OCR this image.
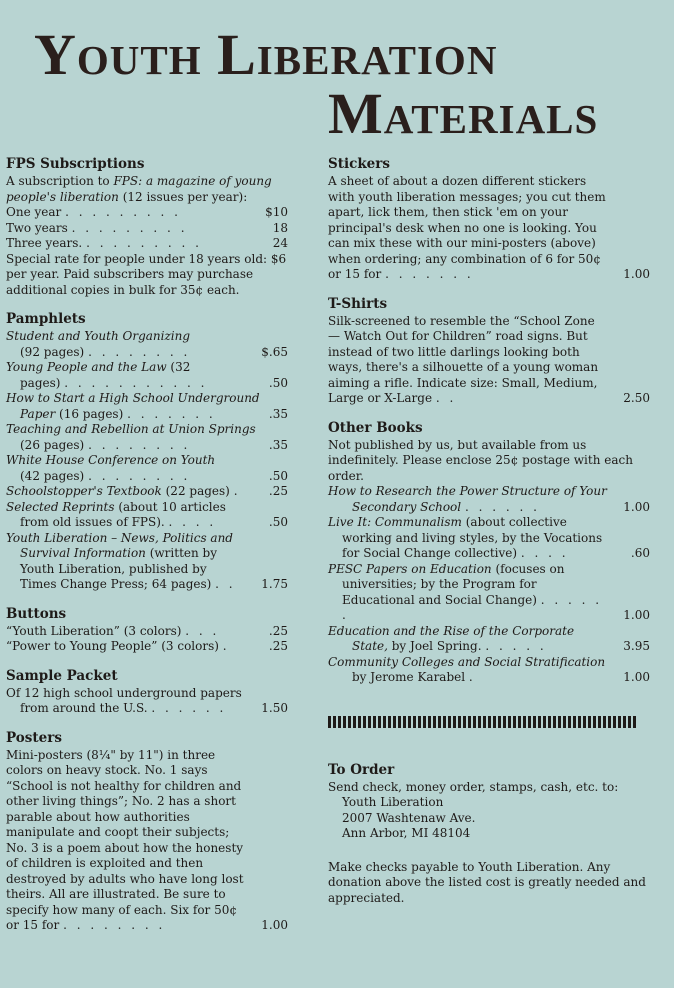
Youth Liberation
Materials
FPS Subscriptions

A subscription to FPS: a magazine of young people's liberation (12 issues per year):

One year . . . . . . . . .	$10
Two years . . . . . . . . .	18
Three years. . . . . . . . . .	24

Special rate for people under 18 years old: $6 per year. Paid subscribers may purchase additional copies in bulk for 35¢ each.

Pamphlets
Student and Youth Organizing
(92 pages) . . . . . . . .	$.65
Young People and the Law (32
pages) . . . . . . . . . . .	.50
How to Start a High School Underground
Paper (16 pages) . . . . . . .	.35
Teaching and Rebellion at Union Springs
(26 pages) . . . . . . . .	.35
White House Conference on Youth
(42 pages) . . . . . . . .	.50
Schoolstopper's Textbook (22 pages) .	.25
Selected Reprints (about 10 articles from old issues of FPS). . . . .	.50
Youth Liberation – News, Politics and Survival Information (written by Youth Liberation, published by Times Change Press; 64 pages) . .	1.75
Buttons
“Youth Liberation” (3 colors) . . .	.25
“Power to Young People” (3 colors) .	.25
Sample Packet
Of 12 high school underground papers
from around the U.S. . . . . . .	1.50
Posters
Mini-posters (8¼" by 11") in three colors on heavy stock. No. 1 says “School is not healthy for children and other living things”; No. 2 has a short parable about how authorities manipulate and coopt their subjects; No. 3 is a poem about how the honesty of children is exploited and then destroyed by adults who have long lost theirs. All are illustrated. Be sure to specify how many of each. Six for 50¢ or 15 for . . . . . . . .	1.00
Stickers
A sheet of about a dozen different stickers with youth liberation messages; you cut them apart, lick them, then stick 'em on your principal's desk when no one is looking. You can mix these with our mini-posters (above) when ordering; any combination of 6 for 50¢ or 15 for . . . . . . .	1.00
T-Shirts
Silk-screened to resemble the “School Zone — Watch Out for Children” road signs. But instead of two little darlings looking both ways, there's a silhouette of a young woman aiming a rifle. Indicate size: Small, Medium, Large or X-Large . .	2.50
Other Books

Not published by us, but available from us indefinitely. Please enclose 25¢ postage with each order.

How to Research the Power Structure of Your Secondary School . . . . . .	1.00
Live It: Communalism (about collective working and living styles, by the Vocations for Social Change collective) . . . .	.60
PESC Papers on Education (focuses on universities; by the Program for Educational and Social Change) . . . . . .	1.00
Education and the Rise of the Corporate State, by Joel Spring. . . . . .	3.95
Community Colleges and Social Stratification by Jerome Karabel .	1.00
To Order
Send check, money order, stamps, cash, etc. to:
Youth Liberation
2007 Washtenaw Ave.
Ann Arbor, MI 48104

Make checks payable to Youth Liberation. Any donation above the listed cost is greatly needed and appreciated.
